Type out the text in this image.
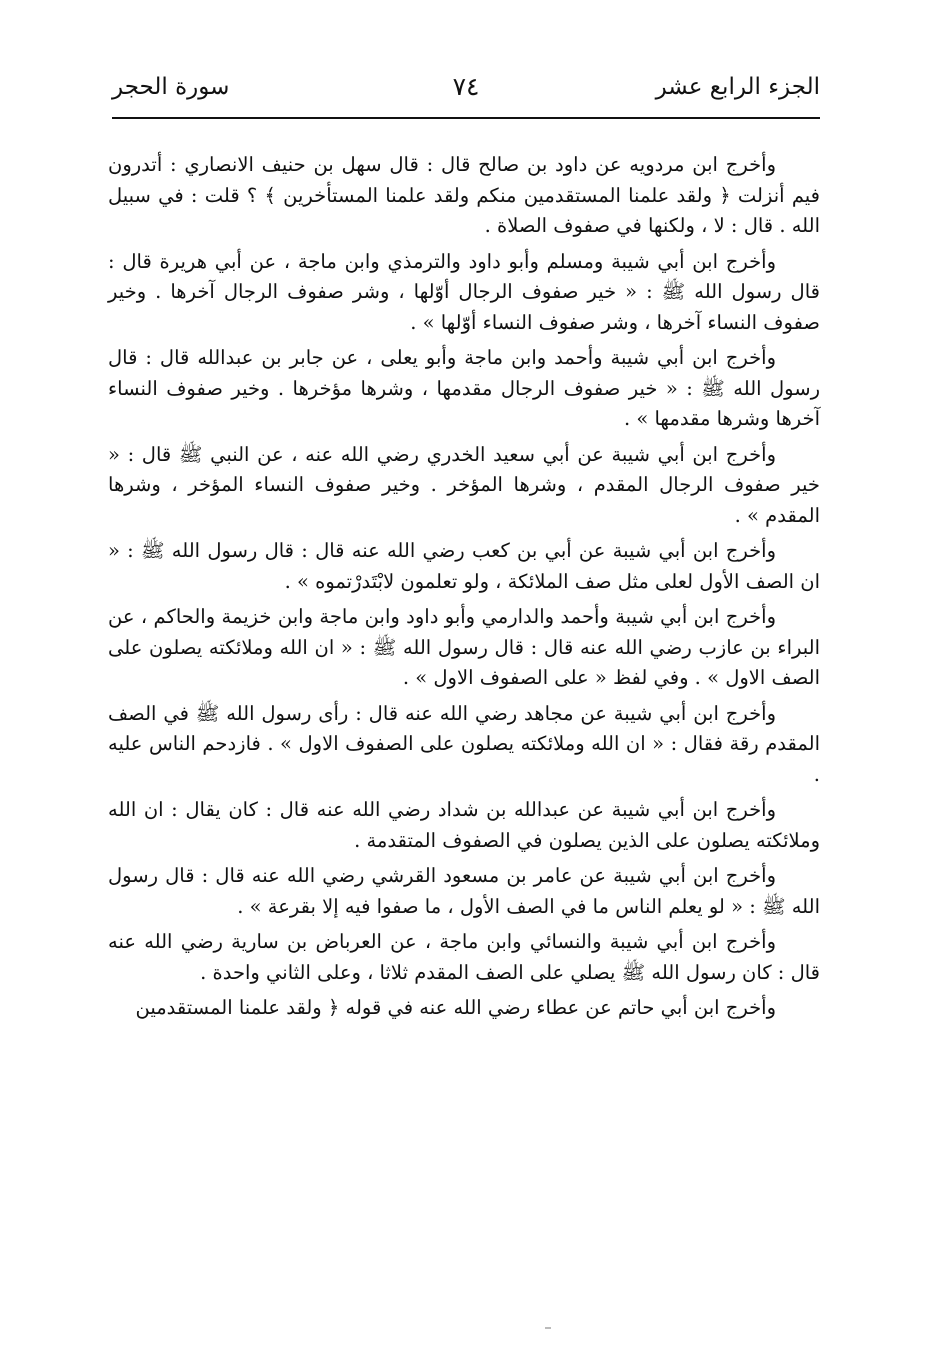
الجزء الرابع عشر
٧٤
سورة الحجر

وأخرج ابن مردويه عن داود بن صالح قال : قال سهل بن حنيف الانصاري : أتدرون فيم أنزلت ﴿ ولقد علمنا المستقدمين منكم ولقد علمنا المستأخرين ﴾ ؟ قلت : في سبيل الله . قال : لا ، ولكنها في صفوف الصلاة .

وأخرج ابن أبي شيبة ومسلم وأبو داود والترمذي وابن ماجة ، عن أبي هريرة قال : قال رسول الله ﷺ : « خير صفوف الرجال أوّلها ، وشر صفوف الرجال آخرها . وخير صفوف النساء آخرها ، وشر صفوف النساء أوّلها » .

وأخرج ابن أبي شيبة وأحمد وابن ماجة وأبو يعلى ، عن جابر بن عبدالله قال : قال رسول الله ﷺ : « خير صفوف الرجال مقدمها ، وشرها مؤخرها . وخير صفوف النساء آخرها وشرها مقدمها » .

وأخرج ابن أبي شيبة عن أبي سعيد الخدري رضي الله عنه ، عن النبي ﷺ قال : « خير صفوف الرجال المقدم ، وشرها المؤخر . وخير صفوف النساء المؤخر ، وشرها المقدم » .

وأخرج ابن أبي شيبة عن أبي بن كعب رضي الله عنه قال : قال رسول الله ﷺ : « ان الصف الأول لعلى مثل صف الملائكة ، ولو تعلمون لابْتَدرْتموه » .

وأخرج ابن أبي شيبة وأحمد والدارمي وأبو داود وابن ماجة وابن خزيمة والحاكم ، عن البراء بن عازب رضي الله عنه قال : قال رسول الله ﷺ : « ان الله وملائكته يصلون على الصف الاول » . وفي لفظ « على الصفوف الاول » .

وأخرج ابن أبي شيبة عن مجاهد رضي الله عنه قال : رأى رسول الله ﷺ في الصف المقدم رقة فقال : « ان الله وملائكته يصلون على الصفوف الاول » . فازدحم الناس عليه .

وأخرج ابن أبي شيبة عن عبدالله بن شداد رضي الله عنه قال : كان يقال : ان الله وملائكته يصلون على الذين يصلون في الصفوف المتقدمة .

وأخرج ابن أبي شيبة عن عامر بن مسعود القرشي رضي الله عنه قال : قال رسول الله ﷺ : « لو يعلم الناس ما في الصف الأول ، ما صفوا فيه إلا بقرعة » .

وأخرج ابن أبي شيبة والنسائي وابن ماجة ، عن العرباض بن سارية رضي الله عنه قال : كان رسول الله ﷺ يصلي على الصف المقدم ثلاثا ، وعلى الثاني واحدة .

وأخرج ابن أبي حاتم عن عطاء رضي الله عنه في قوله ﴿ ولقد علمنا المستقدمين
